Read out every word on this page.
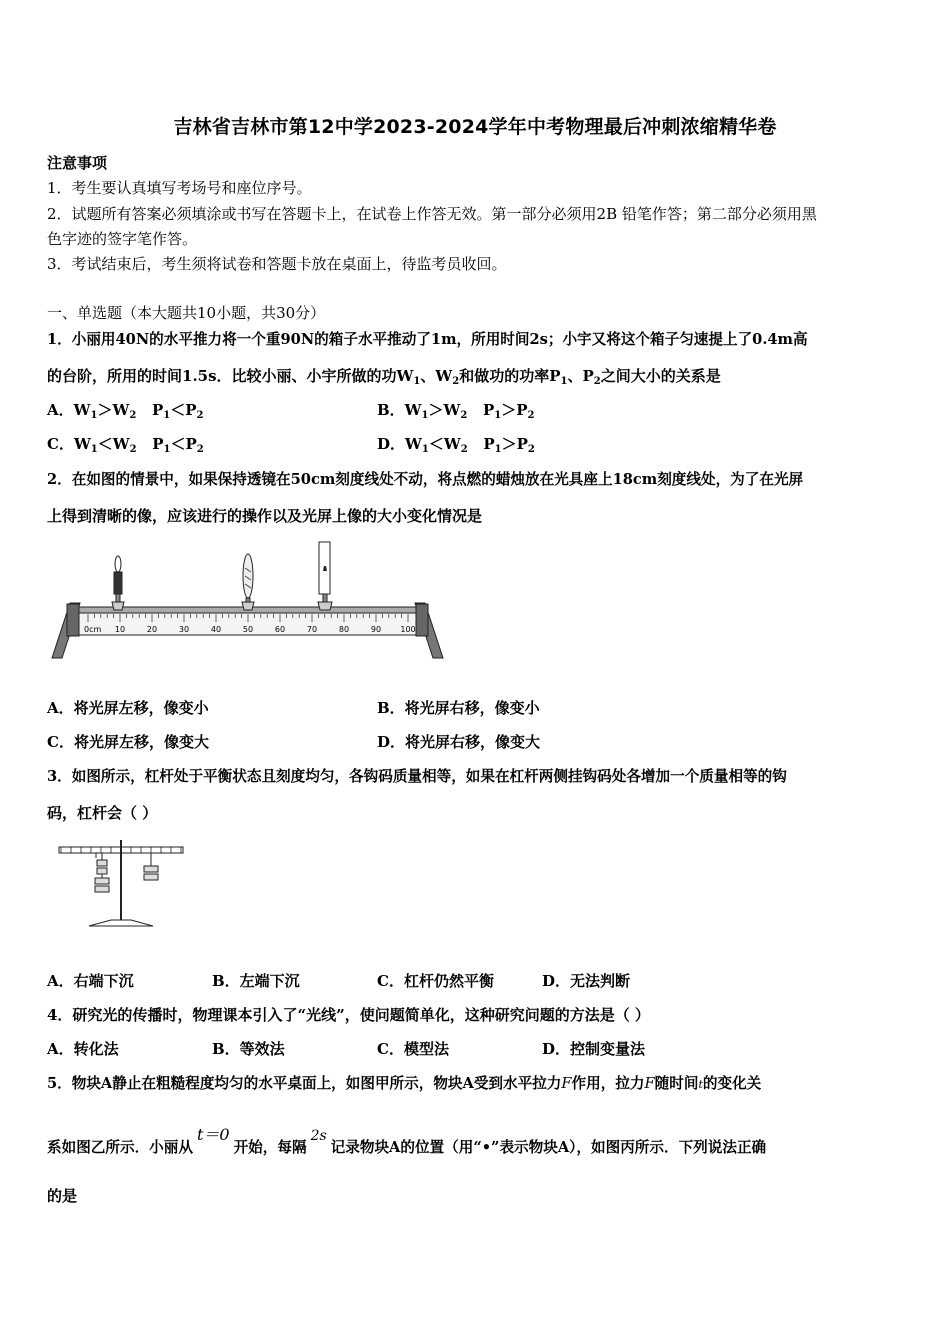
吉林省吉林市第12中学2023-2024学年中考物理最后冲刺浓缩精华卷
注意事项
1．考生要认真填写考场号和座位序号。
2．试题所有答案必须填涂或书写在答题卡上，在试卷上作答无效。第一部分必须用2B 铅笔作答；第二部分必须用黑
色字迹的签字笔作答。
3．考试结束后，考生须将试卷和答题卡放在桌面上，待监考员收回。
一、单选题（本大题共10小题，共30分）
1．小丽用40N的水平推力将一个重90N的箱子水平推动了1m，所用时间2s；小宇又将这个箱子匀速提上了0.4m高
的台阶，所用的时间1.5s．比较小丽、小宇所做的功$W_1$、$W_2$和做功的功率$P_1$、$P_2$之间大小的关系是
A．$W_1>W_2$ $P_1<P_2$	B．$W_1>W_2$ $P_1>P_2$
C．$W_1<W_2$ $P_1<P_2$	D．$W_1<W_2$ $P_1>P_2$
2．在如图的情景中，如果保持透镜在50cm刻度线处不动，将点燃的蜡烛放在光具座上18cm刻度线处，为了在光屏
上得到清晰的像，应该进行的操作以及光屏上像的大小变化情况是
0cm 10	20	30	40	50	60	70	80	90 100
A．将光屏左移，像变小	B．将光屏右移，像变小
C．将光屏左移，像变大	D．将光屏右移，像变大
3．如图所示，杠杆处于平衡状态且刻度均匀，各钩码质量相等，如果在杠杆两侧挂钩码处各增加一个质量相等的钩
码，杠杆会（ ）
A．右端下沉	B．左端下沉	C．杠杆仍然平衡	D．无法判断
4．研究光的传播时，物理课本引入了“光线”，使问题简单化，这种研究问题的方法是（ ）
A．转化法	B．等效法	C．模型法	D．控制变量法
5．物块A静止在粗糙程度均匀的水平桌面上，如图甲所示，物块A受到水平拉力F作用，拉力F随时间t的变化关
系如图乙所示．小丽从t＝0开始，每隔2s记录物块A的位置（用“•”表示物块A），如图丙所示．下列说法正确
的是
